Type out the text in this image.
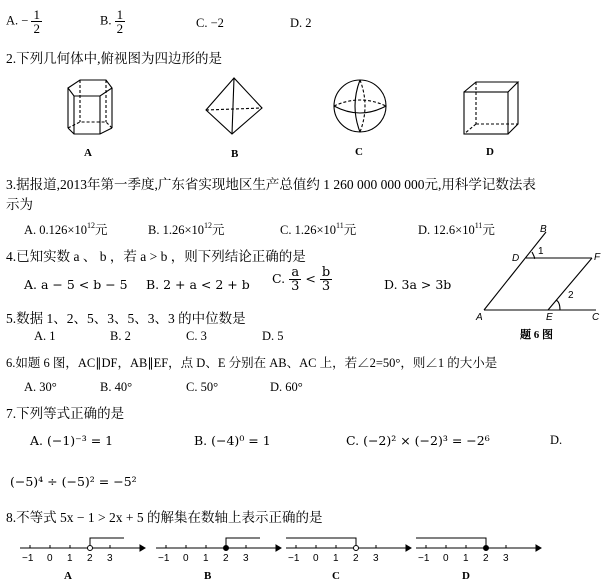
A. − $\frac{1}{2}$	B. $\frac{1}{2}$	C. −2	D. 2
2.下列几何体中,俯视图为四边形的是
A	B	C	D
3.据报道,2013年第一季度,广东省实现地区生产总值约 1 260 000 000 000元,用科学记数法表
示为
A. $0.126\times 10^{12}$元	B. $1.26\times 10^{12}$元	C. $1.26\times 10^{11}$元	D. $12.6\times 10^{11}$元
4.已知实数 a 、 b ，若 a > b ，则下列结论正确的是
A. a − 5 < b − 5 B. 2 + a < 2 + b C. $\frac{a}{3} < \frac{b}{3}$	D. 3a > 3b
B
D	F
A	E	C
1
2
题 6 图
5.数据 1、2、5、3、5、3、3 的中位数是
A. 1	B. 2	C. 3	D. 5
6.如题 6 图，AC∥DF，AB∥EF，点 D、E 分别在 AB、AC 上，若∠2=50°，则∠1 的大小是
A. 30°	B. 40°	C. 50°	D. 60°
7.下列等式正确的是
A. (−1)⁻³ = 1	B. (−4)⁰ = 1	C. (−2)² × (−2)³ = −2⁶	D.
(−5)⁴ ÷ (−5)² = −5²
8.不等式 5x − 1 > 2x + 5 的解集在数轴上表示正确的是
−1 0 1 2 3	−1 0 1 2 3	−1 0 1 2 3	−1 0 1 2 3
A	B	C	D
